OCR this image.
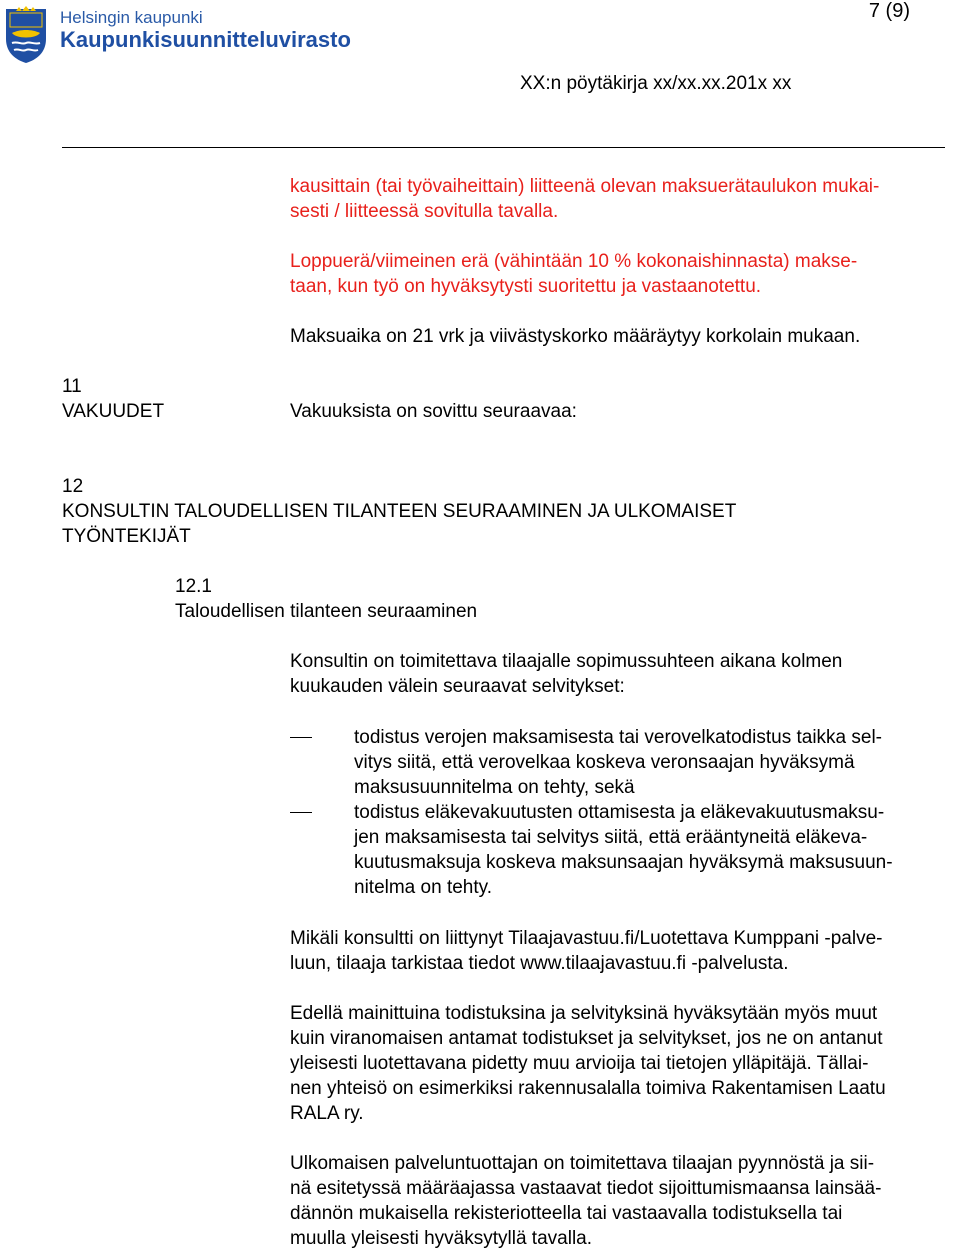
Helsingin kaupunki
Kaupunkisuunnitteluvirasto
7 (9)
XX:n pöytäkirja xx/xx.xx.201x xx
kausittain (tai työvaiheittain) liitteenä olevan maksuerätaulukon mukai-
sesti / liitteessä sovitulla tavalla.
Loppuerä/viimeinen erä (vähintään 10 % kokonaishinnasta) makse-
taan, kun työ on hyväksytysti suoritettu ja vastaanotettu.
Maksuaika on 21 vrk ja viivästyskorko määräytyy korkolain mukaan.
11
VAKUUDET	Vakuuksista on sovittu seuraavaa:
12
KONSULTIN TALOUDELLISEN TILANTEEN SEURAAMINEN JA ULKOMAISET
TYÖNTEKIJÄT
12.1
Taloudellisen tilanteen seuraaminen
Konsultin on toimitettava tilaajalle sopimussuhteen aikana kolmen
kuukauden välein seuraavat selvitykset:
todistus verojen maksamisesta tai verovelkatodistus taikka sel-
vitys siitä, että verovelkaa koskeva veronsaajan hyväksymä
maksusuunnitelma on tehty, sekä
todistus eläkevakuutusten ottamisesta ja eläkevakuutusmaksu-
jen maksamisesta tai selvitys siitä, että erääntyneitä eläkeva-
kuutusmaksuja koskeva maksunsaajan hyväksymä maksusuun-
nitelma on tehty.
Mikäli konsultti on liittynyt Tilaajavastuu.fi/Luotettava Kumppani -palve-
luun, tilaaja tarkistaa tiedot www.tilaajavastuu.fi -palvelusta.
Edellä mainittuina todistuksina ja selvityksinä hyväksytään myös muut
kuin viranomaisen antamat todistukset ja selvitykset, jos ne on antanut
yleisesti luotettavana pidetty muu arvioija tai tietojen ylläpitäjä. Tällai-
nen yhteisö on esimerkiksi rakennusalalla toimiva Rakentamisen Laatu
RALA ry.
Ulkomaisen palveluntuottajan on toimitettava tilaajan pyynnöstä ja sii-
nä esitetyssä määräajassa vastaavat tiedot sijoittumismaansa lainsää-
dännön mukaisella rekisteriotteella tai vastaavalla todistuksella tai
muulla yleisesti hyväksytyllä tavalla.
